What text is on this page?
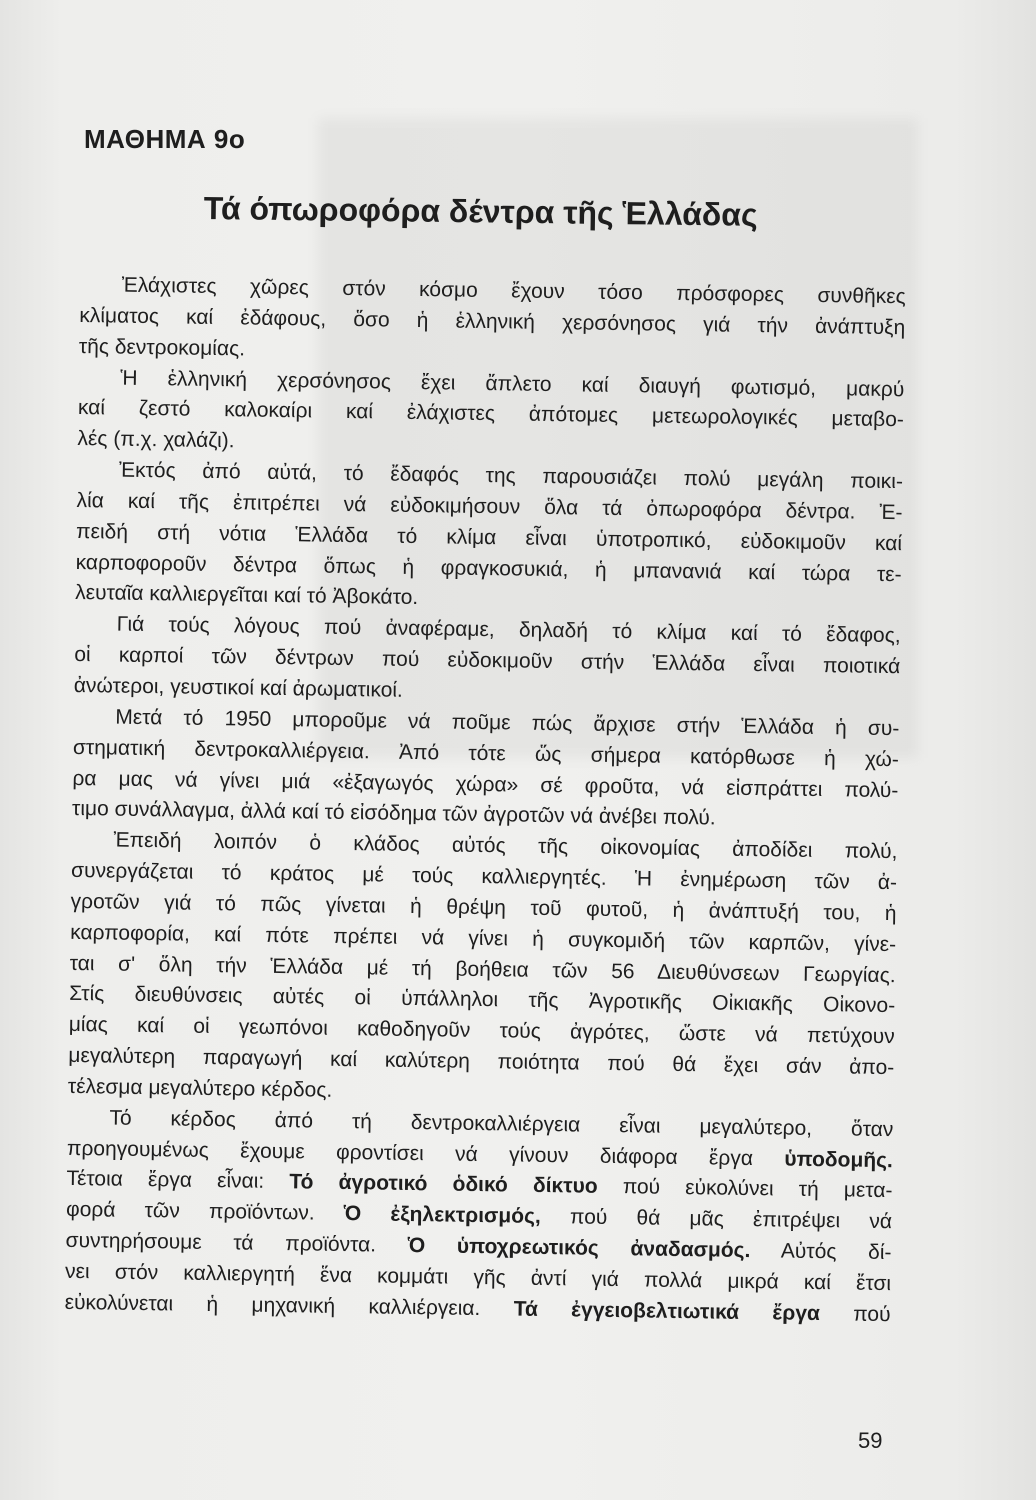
ΜΑΘΗΜΑ 9ο
Τά όπωροφόρα δέντρα τῆς Ἑλλάδας
Ἐλάχιστες χῶρες στόν κόσμο ἔχουν τόσο πρόσφορες συνθῆκες
κλίματος καί ἐδάφους, ὅσο ἡ ἑλληνική χερσόνησος γιά τήν ἀνάπτυξη
τῆς δεντροκομίας.
Ἡ ἑλληνική χερσόνησος ἔχει ἄπλετο καί διαυγή φωτισμό, μακρύ
καί ζεστό καλοκαίρι καί ἐλάχιστες ἀπότομες μετεωρολογικές μεταβο-
λές (π.χ. χαλάζι).
Ἐκτός ἀπό αὐτά, τό ἔδαφός της παρουσιάζει πολύ μεγάλη ποικι-
λία καί τῆς ἐπιτρέπει νά εὐδοκιμήσουν ὅλα τά ὀπωροφόρα δέντρα. Ἐ-
πειδή στή νότια Ἑλλάδα τό κλίμα εἶναι ὑποτροπικό, εὐδοκιμοῦν καί
καρποφοροῦν δέντρα ὅπως ἡ φραγκοσυκιά, ἡ μπανανιά καί τώρα τε-
λευταῖα καλλιεργεῖται καί τό Ἀβοκάτο.
Γιά τούς λόγους πού ἀναφέραμε, δηλαδή τό κλίμα καί τό ἔδαφος,
οἱ καρποί τῶν δέντρων πού εὐδοκιμοῦν στήν Ἑλλάδα εἶναι ποιοτικά
ἀνώτεροι, γευστικοί καί ἀρωματικοί.
Μετά τό 1950 μποροῦμε νά ποῦμε πώς ἄρχισε στήν Ἑλλάδα ἡ συ-
στηματική δεντροκαλλιέργεια. Ἀπό τότε ὥς σήμερα κατόρθωσε ἡ χώ-
ρα μας νά γίνει μιά «ἐξαγωγός χώρα» σέ φροῦτα, νά εἰσπράττει πολύ-
τιμο συνάλλαγμα, ἀλλά καί τό εἰσόδημα τῶν ἀγροτῶν νά ἀνέβει πολύ.
Ἐπειδή λοιπόν ὁ κλάδος αὐτός τῆς οἰκονομίας ἀποδίδει πολύ,
συνεργάζεται τό κράτος μέ τούς καλλιεργητές. Ἡ ἐνημέρωση τῶν ἀ-
γροτῶν γιά τό πῶς γίνεται ἡ θρέψη τοῦ φυτοῦ, ἡ ἀνάπτυξή του, ἡ
καρποφορία, καί πότε πρέπει νά γίνει ἡ συγκομιδή τῶν καρπῶν, γίνε-
ται σ' ὅλη τήν Ἑλλάδα μέ τή βοήθεια τῶν 56 Διευθύνσεων Γεωργίας.
Στίς διευθύνσεις αὐτές οἱ ὑπάλληλοι τῆς Ἀγροτικῆς Οἰκιακῆς Οἰκονο-
μίας καί οἱ γεωπόνοι καθοδηγοῦν τούς ἀγρότες, ὥστε νά πετύχουν
μεγαλύτερη παραγωγή καί καλύτερη ποιότητα πού θά ἔχει σάν ἀπο-
τέλεσμα μεγαλύτερο κέρδος.
Τό κέρδος ἀπό τή δεντροκαλλιέργεια εἶναι μεγαλύτερο, ὅταν
προηγουμένως ἔχουμε φροντίσει νά γίνουν διάφορα ἔργα ὑποδομῆς.
Τέτοια ἔργα εἶναι: Τό ἀγροτικό ὁδικό δίκτυο πού εὐκολύνει τή μετα-
φορά τῶν προϊόντων. Ὁ ἐξηλεκτρισμός, πού θά μᾶς ἐπιτρέψει νά
συντηρήσουμε τά προϊόντα. Ὁ ὑποχρεωτικός ἀναδασμός. Αὐτός δί-
νει στόν καλλιεργητή ἕνα κομμάτι γῆς ἀντί γιά πολλά μικρά καί ἔτσι
εὐκολύνεται ἡ μηχανική καλλιέργεια. Τά ἐγγειοβελτιωτικά ἔργα πού
59
